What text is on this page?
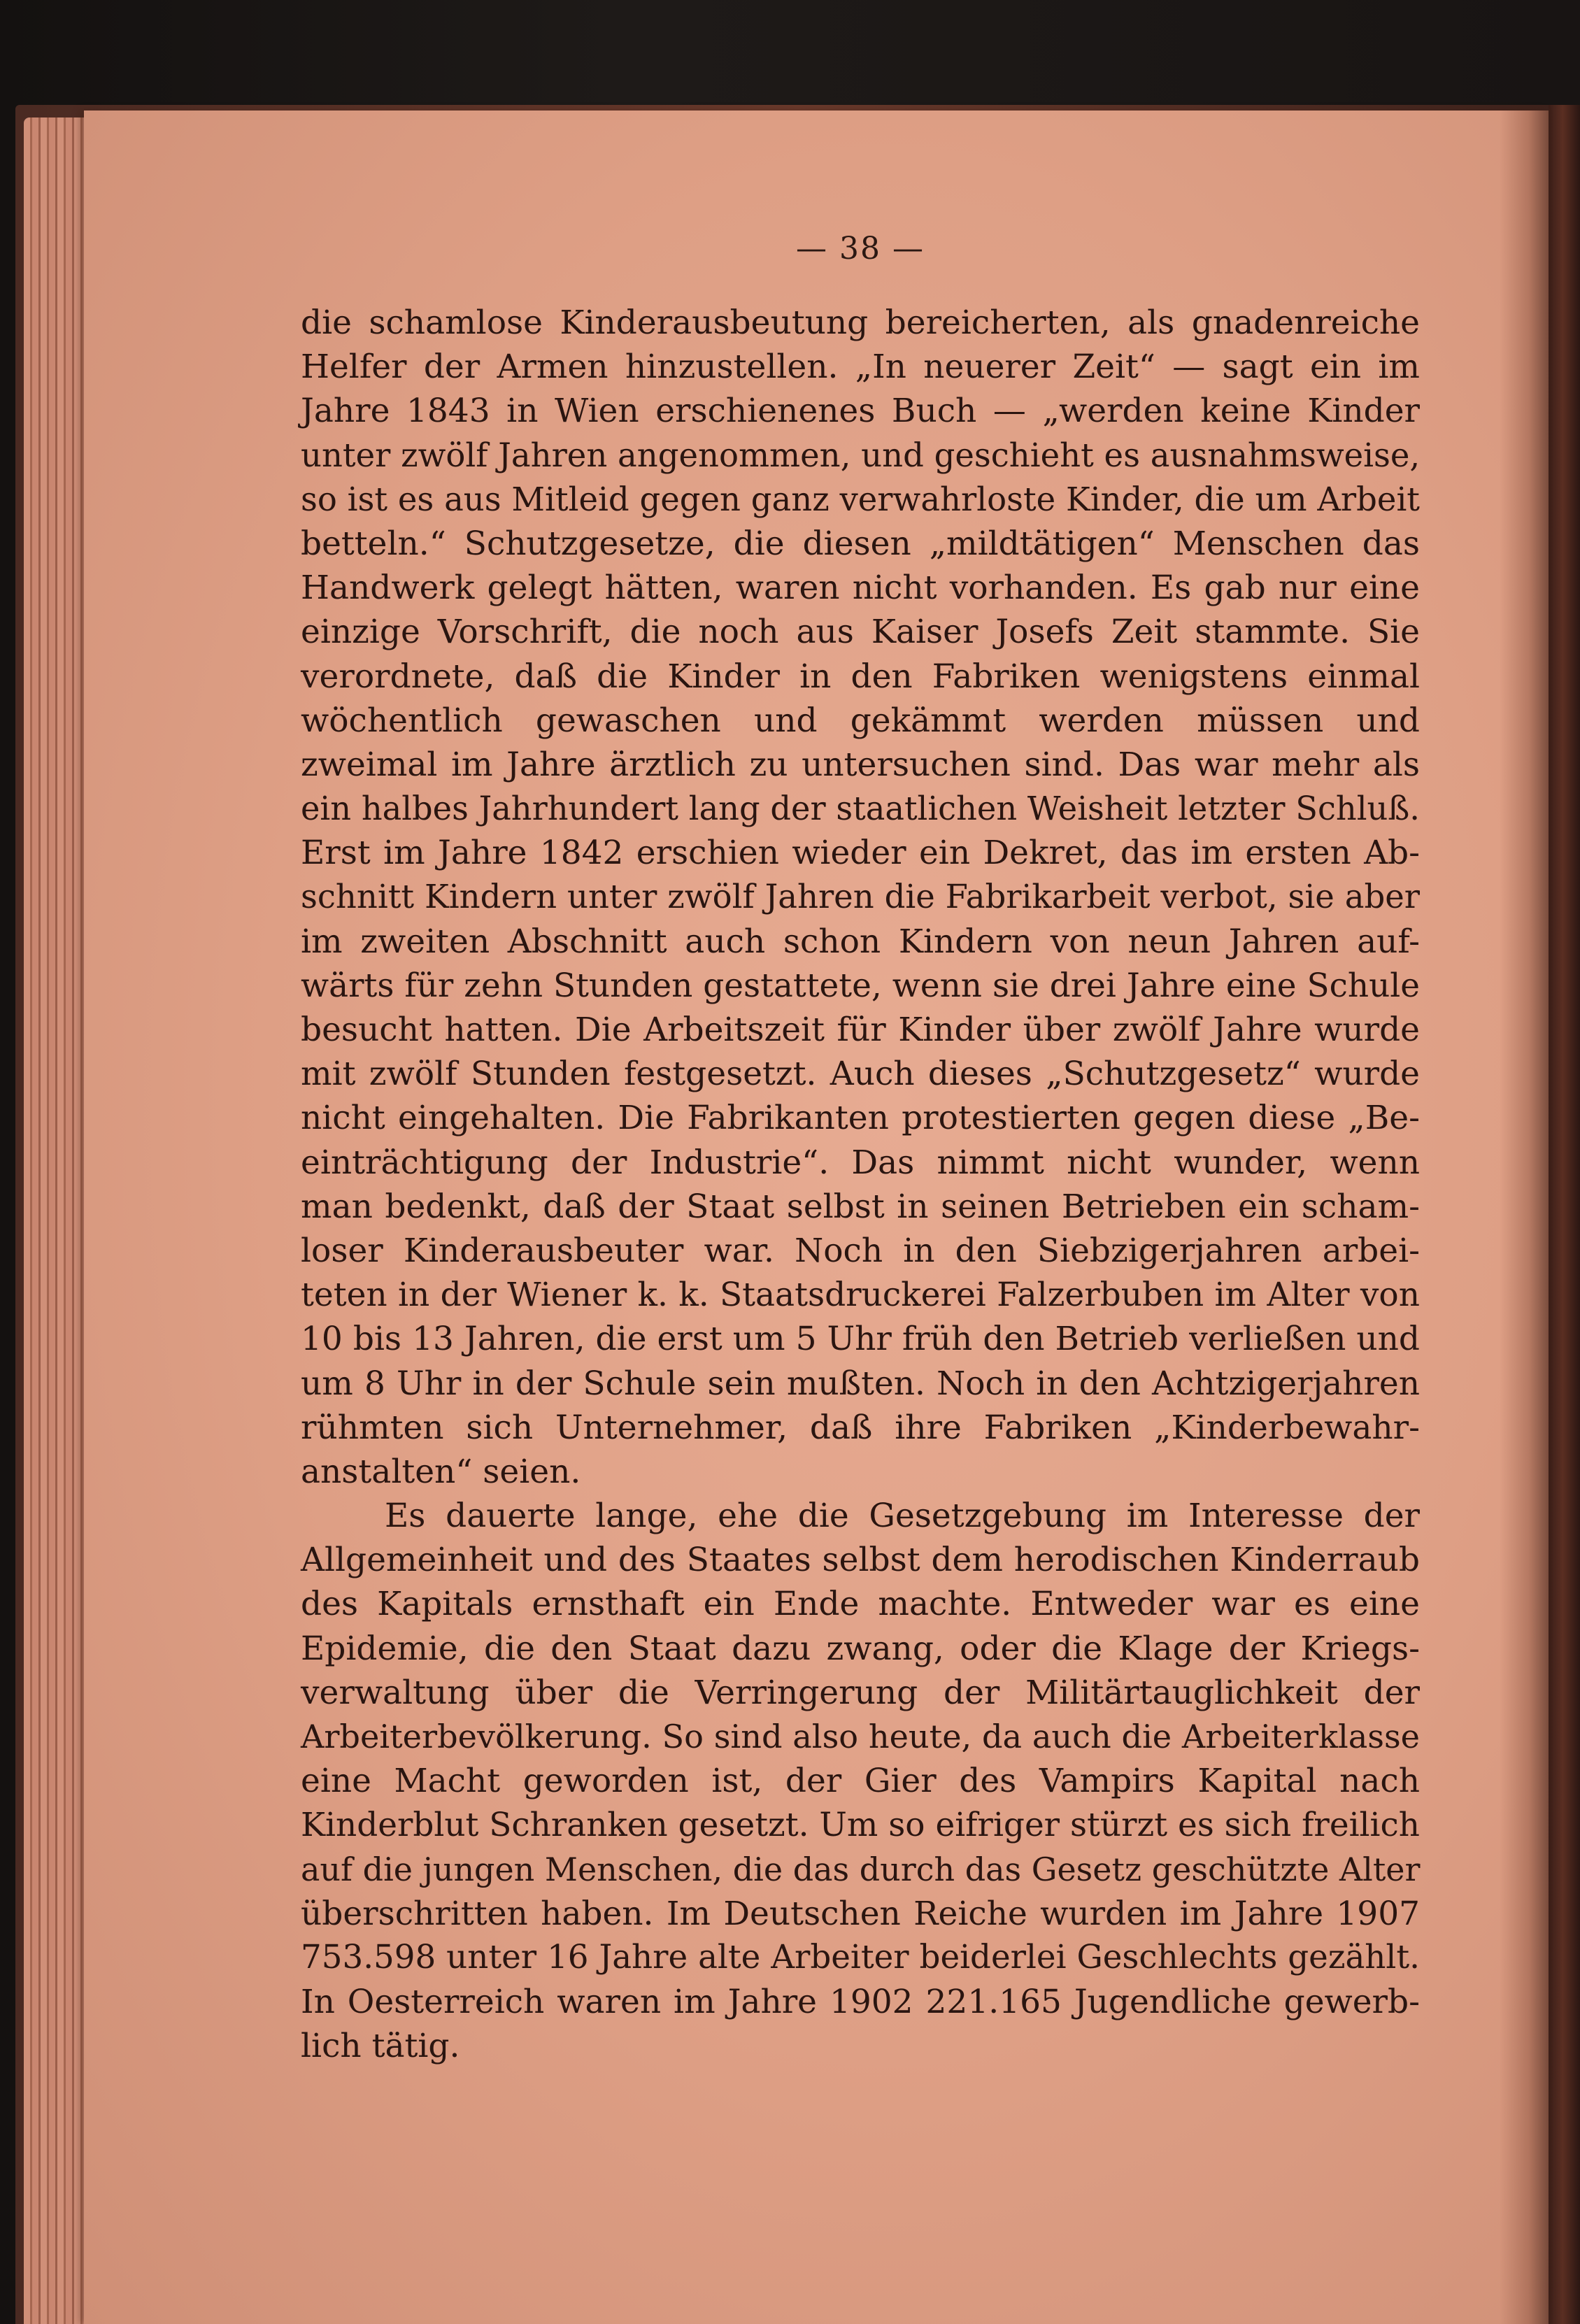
— 38 —
die schamlose Kinderausbeutung bereicherten, als gnadenreiche
Helfer der Armen hinzustellen. „In neuerer Zeit“ — sagt ein im
Jahre 1843 in Wien erschienenes Buch — „werden keine Kinder
unter zwölf Jahren angenommen, und geschieht es ausnahmsweise,
so ist es aus Mitleid gegen ganz verwahrloste Kinder, die um Arbeit
betteln.“ Schutzgesetze, die diesen „mildtätigen“ Menschen das
Handwerk gelegt hätten, waren nicht vorhanden. Es gab nur eine
einzige Vorschrift, die noch aus Kaiser Josefs Zeit stammte. Sie
verordnete, daß die Kinder in den Fabriken wenigstens einmal
wöchentlich gewaschen und gekämmt werden müssen und
zweimal im Jahre ärztlich zu untersuchen sind. Das war mehr als
ein halbes Jahrhundert lang der staatlichen Weisheit letzter Schluß.
Erst im Jahre 1842 erschien wieder ein Dekret, das im ersten Ab-
schnitt Kindern unter zwölf Jahren die Fabrikarbeit verbot, sie aber
im zweiten Abschnitt auch schon Kindern von neun Jahren auf-
wärts für zehn Stunden gestattete, wenn sie drei Jahre eine Schule
besucht hatten. Die Arbeitszeit für Kinder über zwölf Jahre wurde
mit zwölf Stunden festgesetzt. Auch dieses „Schutzgesetz“ wurde
nicht eingehalten. Die Fabrikanten protestierten gegen diese „Be-
einträchtigung der Industrie“. Das nimmt nicht wunder, wenn
man bedenkt, daß der Staat selbst in seinen Betrieben ein scham-
loser Kinderausbeuter war. Noch in den Siebzigerjahren arbei-
teten in der Wiener k. k. Staatsdruckerei Falzerbuben im Alter von
10 bis 13 Jahren, die erst um 5 Uhr früh den Betrieb verließen und
um 8 Uhr in der Schule sein mußten. Noch in den Achtzigerjahren
rühmten sich Unternehmer, daß ihre Fabriken „Kinderbewahr-
anstalten“ seien.
Es dauerte lange, ehe die Gesetzgebung im Interesse der
Allgemeinheit und des Staates selbst dem herodischen Kinderraub
des Kapitals ernsthaft ein Ende machte. Entweder war es eine
Epidemie, die den Staat dazu zwang, oder die Klage der Kriegs-
verwaltung über die Verringerung der Militärtauglichkeit der
Arbeiterbevölkerung. So sind also heute, da auch die Arbeiterklasse
eine Macht geworden ist, der Gier des Vampirs Kapital nach
Kinderblut Schranken gesetzt. Um so eifriger stürzt es sich freilich
auf die jungen Menschen, die das durch das Gesetz geschützte Alter
überschritten haben. Im Deutschen Reiche wurden im Jahre 1907
753.598 unter 16 Jahre alte Arbeiter beiderlei Geschlechts gezählt.
In Oesterreich waren im Jahre 1902 221.165 Jugendliche gewerb-
lich tätig.
